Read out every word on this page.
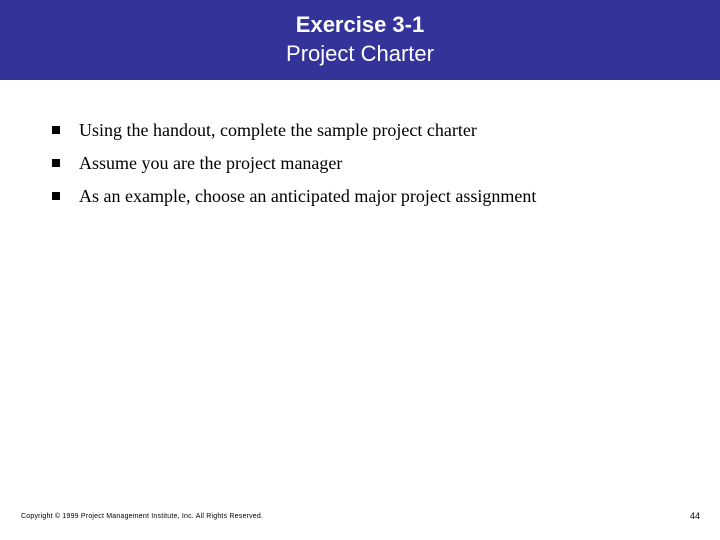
Exercise 3-1
Project Charter
Using the handout, complete the sample project charter
Assume you are the project manager
As an example, choose an anticipated major project assignment
Copyright © 1999 Project Management Institute, Inc. All Rights Reserved.	44
